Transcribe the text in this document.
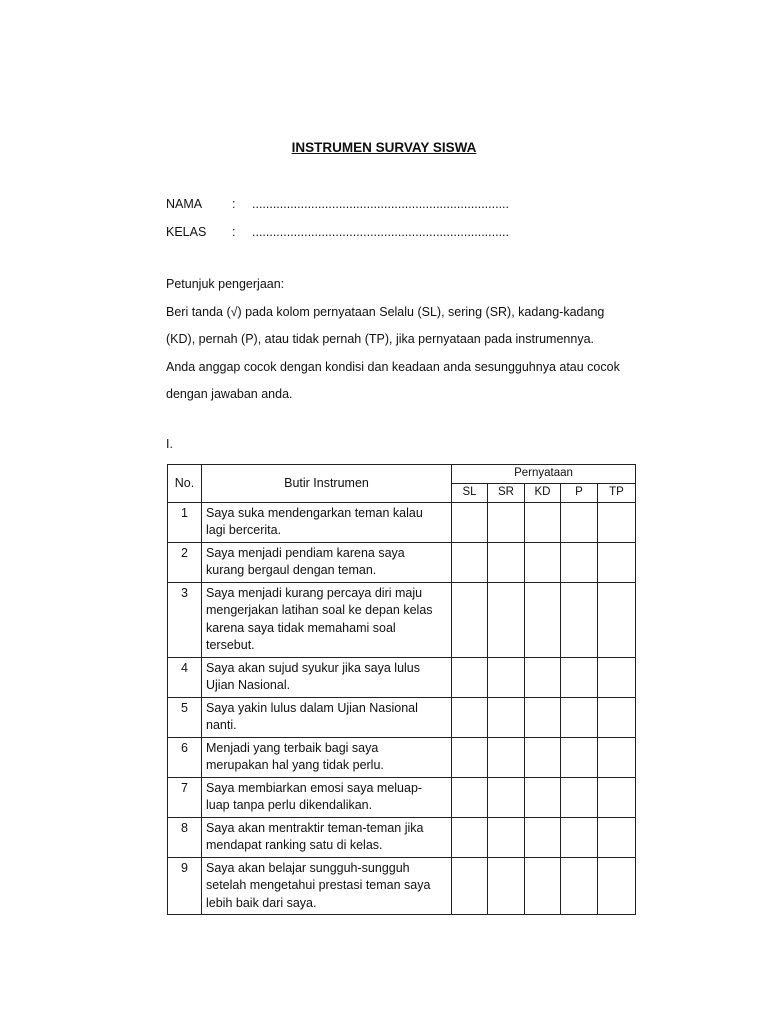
INSTRUMEN SURVAY SISWA
NAMA : ..........................................................................
KELAS : ..........................................................................
Petunjuk pengerjaan:
Beri tanda (√) pada kolom pernyataan Selalu (SL), sering (SR), kadang-kadang
(KD), pernah (P), atau tidak pernah (TP), jika pernyataan pada instrumennya.
Anda anggap cocok dengan kondisi dan keadaan anda sesungguhnya atau cocok
dengan jawaban anda.
I.
No.	Butir Instrumen	Pernyataan				
		SL	SR	KD	P	TP
1	Saya suka mendengarkan teman kalau
lagi bercerita.					

2	Saya menjadi pendiam karena saya
kurang bergaul dengan teman.					

3	Saya menjadi kurang percaya diri maju
mengerjakan latihan soal ke depan kelas
karena saya tidak memahami soal
tersebut.					

4	Saya akan sujud syukur jika saya lulus
Ujian Nasional.					

5	Saya yakin lulus dalam Ujian Nasional
nanti.					

6	Menjadi yang terbaik bagi saya
merupakan hal yang tidak perlu.					

7	Saya membiarkan emosi saya meluap-
luap tanpa perlu dikendalikan.					

8	Saya akan mentraktir teman-teman jika
mendapat ranking satu di kelas.					

9	Saya akan belajar sungguh-sungguh
setelah mengetahui prestasi teman saya
lebih baik dari saya.					
